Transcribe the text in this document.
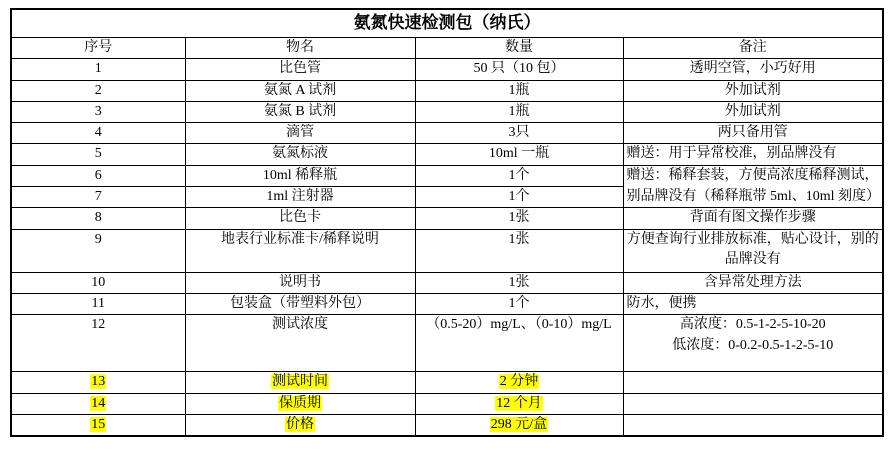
氨氮快速检测包（纳氏）			
序号	物名	数量	备注
1	比色管	50 只（10 包）	透明空管，小巧好用
2	氨氮 A 试剂	1瓶	外加试剂
3	氨氮 B 试剂	1瓶	外加试剂
4	滴管	3只	两只备用管
5	氨氮标液	10ml 一瓶	赠送：用于异常校准，别品牌没有
6	10ml 稀释瓶	1个	赠送：稀释套装，方便高浓度稀释测试，别品牌没有（稀释瓶带 5ml、10ml 刻度）
7	1ml 注射器	1个	
8	比色卡	1张	背面有图文操作步骤
9	地表行业标准卡/稀释说明	1张	方便查询行业排放标准，贴心设计，别的品牌没有
10	说明书	1张	含异常处理方法
11	包装盒（带塑料外包）	1个	防水，便携
12	测试浓度	（0.5-20）mg/L、（0-10）mg/L	高浓度：0.5-1-2-5-10-20
低浓度：0-0.2-0.5-1-2-5-10

13	测试时间	2 分钟	
14	保质期	12 个月	
15	价格	298 元/盒	
